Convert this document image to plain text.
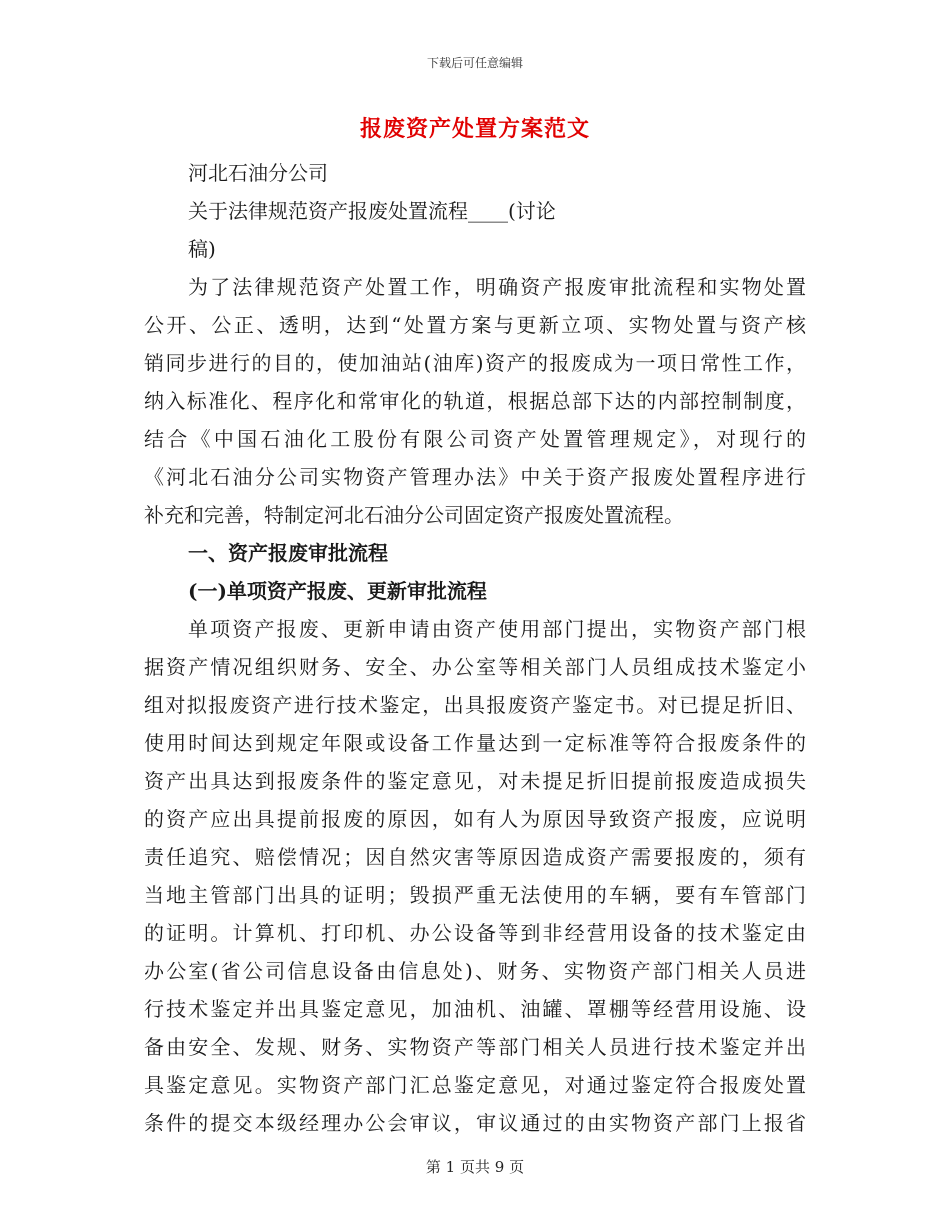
下载后可任意编辑
报废资产处置方案范文
河北石油分公司
关于法律规范资产报废处置流程____(讨论
稿)
为了法律规范资产处置工作，明确资产报废审批流程和实物处置
公开、公正、透明，达到“处置方案与更新立项、实物处置与资产核
销同步进行的目的，使加油站(油库)资产的报废成为一项日常性工作，
纳入标准化、程序化和常审化的轨道，根据总部下达的内部控制制度，
结合《中国石油化工股份有限公司资产处置管理规定》，对现行的
《河北石油分公司实物资产管理办法》中关于资产报废处置程序进行
补充和完善，特制定河北石油分公司固定资产报废处置流程。
一、资产报废审批流程
(一)单项资产报废、更新审批流程
单项资产报废、更新申请由资产使用部门提出，实物资产部门根
据资产情况组织财务、安全、办公室等相关部门人员组成技术鉴定小
组对拟报废资产进行技术鉴定，出具报废资产鉴定书。对已提足折旧、
使用时间达到规定年限或设备工作量达到一定标准等符合报废条件的
资产出具达到报废条件的鉴定意见，对未提足折旧提前报废造成损失
的资产应出具提前报废的原因，如有人为原因导致资产报废，应说明
责任追究、赔偿情况；因自然灾害等原因造成资产需要报废的，须有
当地主管部门出具的证明；毁损严重无法使用的车辆，要有车管部门
的证明。计算机、打印机、办公设备等到非经营用设备的技术鉴定由
办公室(省公司信息设备由信息处)、财务、实物资产部门相关人员进
行技术鉴定并出具鉴定意见，加油机、油罐、罩棚等经营用设施、设
备由安全、发规、财务、实物资产等部门相关人员进行技术鉴定并出
具鉴定意见。实物资产部门汇总鉴定意见，对通过鉴定符合报废处置
条件的提交本级经理办公会审议，审议通过的由实物资产部门上报省
第 1 页共 9 页
